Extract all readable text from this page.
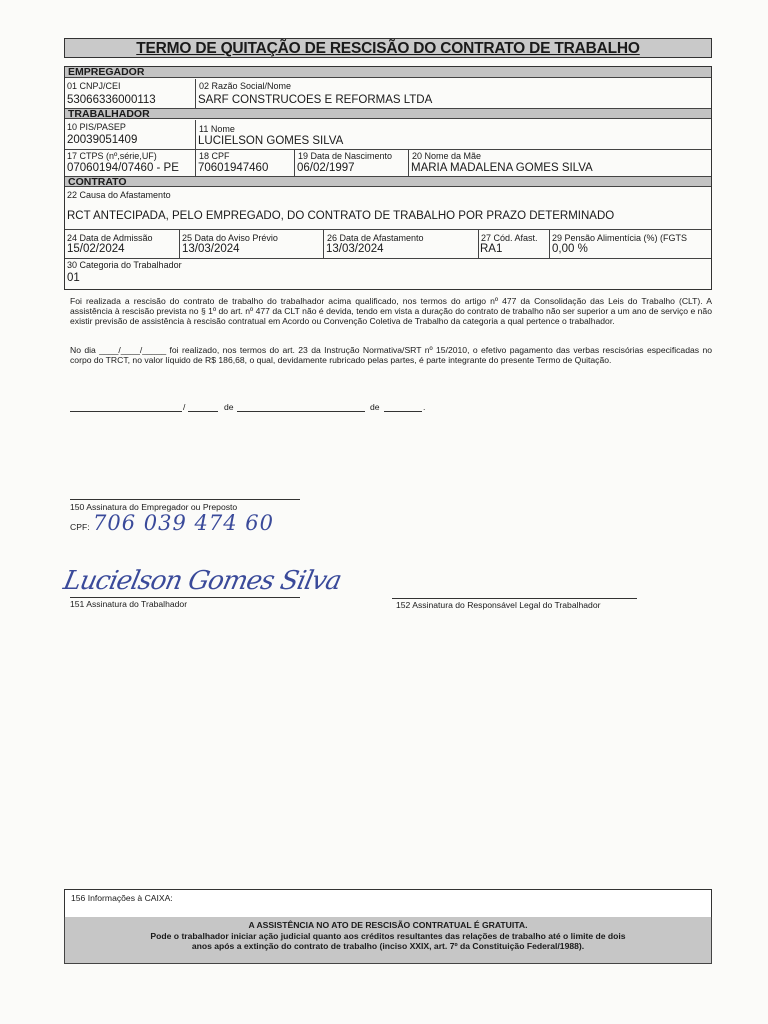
TERMO DE QUITAÇÃO DE RESCISÃO DO CONTRATO DE TRABALHO
EMPREGADOR
01 CNPJ/CEI
53066336000113
02 Razão Social/Nome
SARF CONSTRUCOES E REFORMAS LTDA
TRABALHADOR
10 PIS/PASEP
20039051409
11 Nome
LUCIELSON GOMES SILVA
17 CTPS (nº,série,UF)
07060194/07460 - PE
18 CPF
70601947460
19 Data de Nascimento
06/02/1997
20 Nome da Mãe
MARIA MADALENA GOMES SILVA
CONTRATO
22 Causa do Afastamento
RCT ANTECIPADA, PELO EMPREGADO, DO CONTRATO DE TRABALHO POR PRAZO DETERMINADO
24 Data de Admissão
15/02/2024
25 Data do Aviso Prévio
13/03/2024
26 Data de Afastamento
13/03/2024
27 Cód. Afast.
RA1
29 Pensão Alimentícia (%) (FGTS
0,00 %
30 Categoria do Trabalhador
01
Foi realizada a rescisão do contrato de trabalho do trabalhador acima qualificado, nos termos do artigo nº 477 da Consolidação das Leis do Trabalho (CLT). A assistência à rescisão prevista no § 1º do art. nº 477 da CLT não é devida, tendo em vista a duração do contrato de trabalho não ser superior a um ano de serviço e não existir previsão de assistência à rescisão contratual em Acordo ou Convenção Coletiva de Trabalho da categoria a qual pertence o trabalhador.
No dia ____/____/_____ foi realizado, nos termos do art. 23 da Instrução Normativa/SRT nº 15/2010, o efetivo pagamento das verbas rescisórias especificadas no corpo do TRCT, no valor líquido de R$ 186,68, o qual, devidamente rubricado pelas partes, é parte integrante do presente Termo de Quitação.
/	de	de	.
150 Assinatura do Empregador ou Preposto
CPF: 706 039 474 60
Lucielson Gomes Silva
151 Assinatura do Trabalhador	152 Assinatura do Responsável Legal do Trabalhador
156 Informações à CAIXA:
A ASSISTÊNCIA NO ATO DE RESCISÃO CONTRATUAL É GRATUITA.
Pode o trabalhador iniciar ação judicial quanto aos créditos resultantes das relações de trabalho até o limite de dois
anos após a extinção do contrato de trabalho (inciso XXIX, art. 7º da Constituição Federal/1988).
